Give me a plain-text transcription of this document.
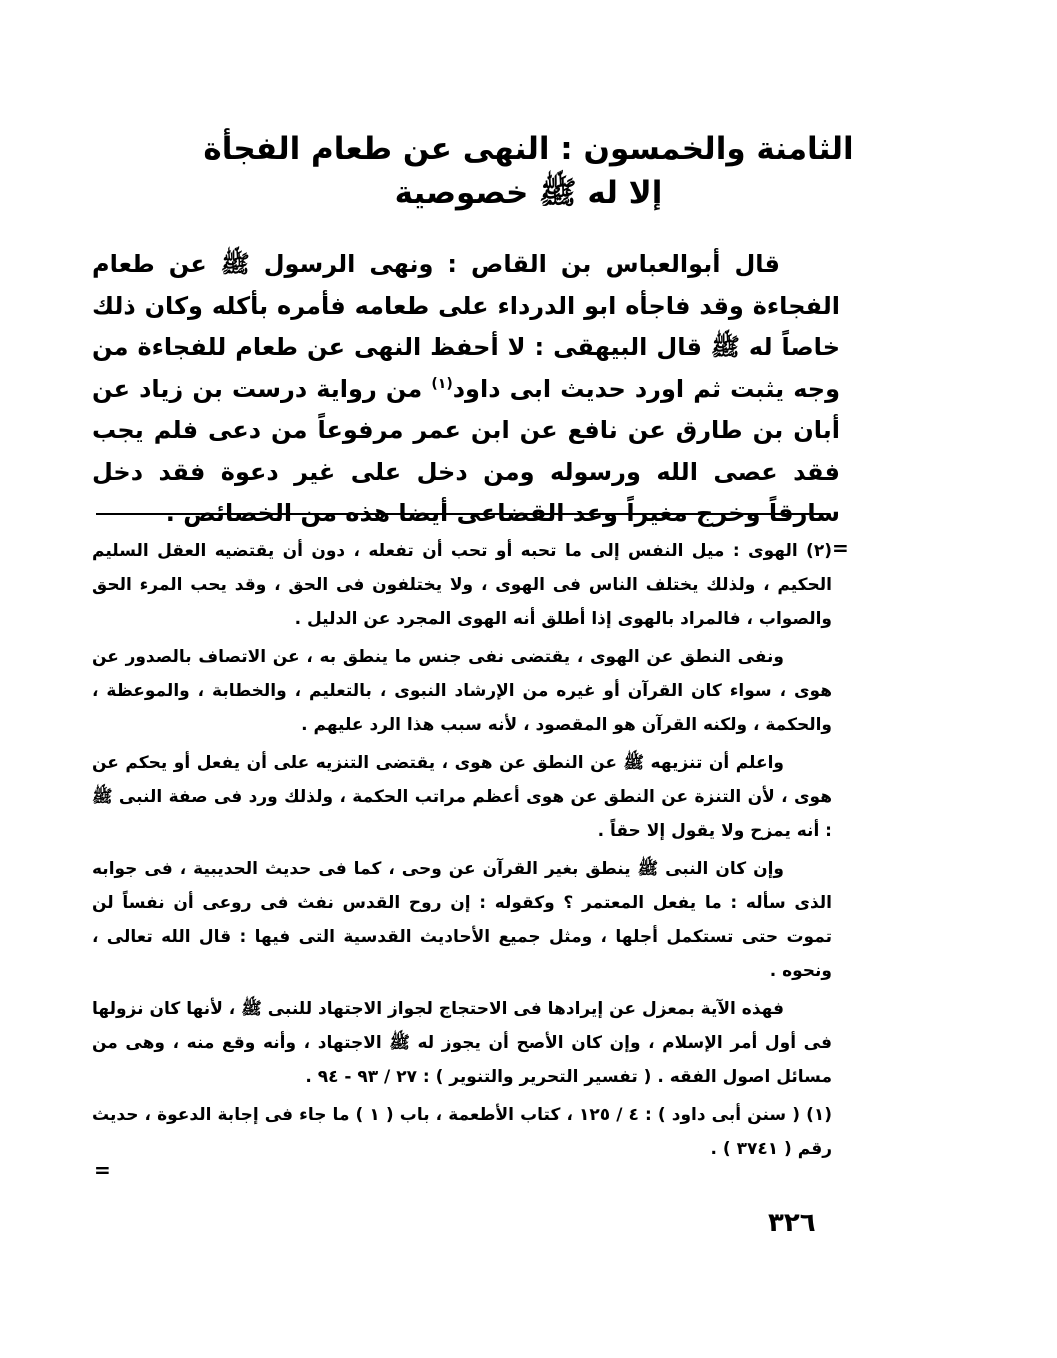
الثامنة والخمسون : النهى عن طعام الفجأة
إلا له ﷺ خصوصية

قال أبوالعباس بن القاص : ونهى الرسول ﷺ عن طعام الفجاءة وقد فاجأه ابو الدرداء على طعامه فأمره بأكله وكان ذلك خاصاً له ﷺ قال البيهقى : لا أحفظ النهى عن طعام للفجاءة من وجه يثبت ثم اورد حديث ابى داود$^{(١)}$ من رواية درست بن زياد عن أبان بن طارق عن نافع عن ابن عمر مرفوعاً من دعى فلم يجب فقد عصى الله ورسوله ومن دخل على غير دعوة فقد دخل سارقاً وخرج مغيراً وعد القضاعى أيضا هذه من الخصائص .

=

(٢) الهوى : ميل النفس إلى ما تحبه أو تحب أن تفعله ، دون أن يقتضيه العقل السليم الحكيم ، ولذلك يختلف الناس فى الهوى ، ولا يختلفون فى الحق ، وقد يحب المرء الحق والصواب ، فالمراد بالهوى إذا أطلق أنه الهوى المجرد عن الدليل .

ونفى النطق عن الهوى ، يقتضى نفى جنس ما ينطق به ، عن الاتصاف بالصدور عن هوى ، سواء كان القرآن أو غيره من الإرشاد النبوى ، بالتعليم ، والخطابة ، والموعظة ، والحكمة ، ولكنه القرآن هو المقصود ، لأنه سبب هذا الرد عليهم .

واعلم أن تنزيهه ﷺ عن النطق عن هوى ، يقتضى التنزيه على أن يفعل أو يحكم عن هوى ، لأن التنزة عن النطق عن هوى أعظم مراتب الحكمة ، ولذلك ورد فى صفة النبى ﷺ : أنه يمزح ولا يقول إلا حقاً .

وإن كان النبى ﷺ ينطق بغير القرآن عن وحى ، كما فى حديث الحديبية ، فى جوابه الذى سأله : ما يفعل المعتمر ؟ وكقوله : إن روح القدس نفث فى روعى أن نفساً لن تموت حتى تستكمل أجلها ، ومثل جميع الأحاديث القدسية التى فيها : قال الله تعالى ، ونحوه .

فهذه الآية بمعزل عن إيرادها فى الاحتجاج لجواز الاجتهاد للنبى ﷺ ، لأنها كان نزولها فى أول أمر الإسلام ، وإن كان الأصح أن يجوز له ﷺ الاجتهاد ، وأنه وقع منه ، وهى من مسائل اصول الفقه . ( تفسير التحرير والتنوير ) : ٢٧ / ٩٣ - ٩٤ .

(١) ( سنن أبى داود ) : ٤ / ١٢٥ ، كتاب الأطعمة ، باب ( ١ ) ما جاء فى إجابة الدعوة ، حديث رقم ( ٣٧٤١ ) .

=
٣٢٦
